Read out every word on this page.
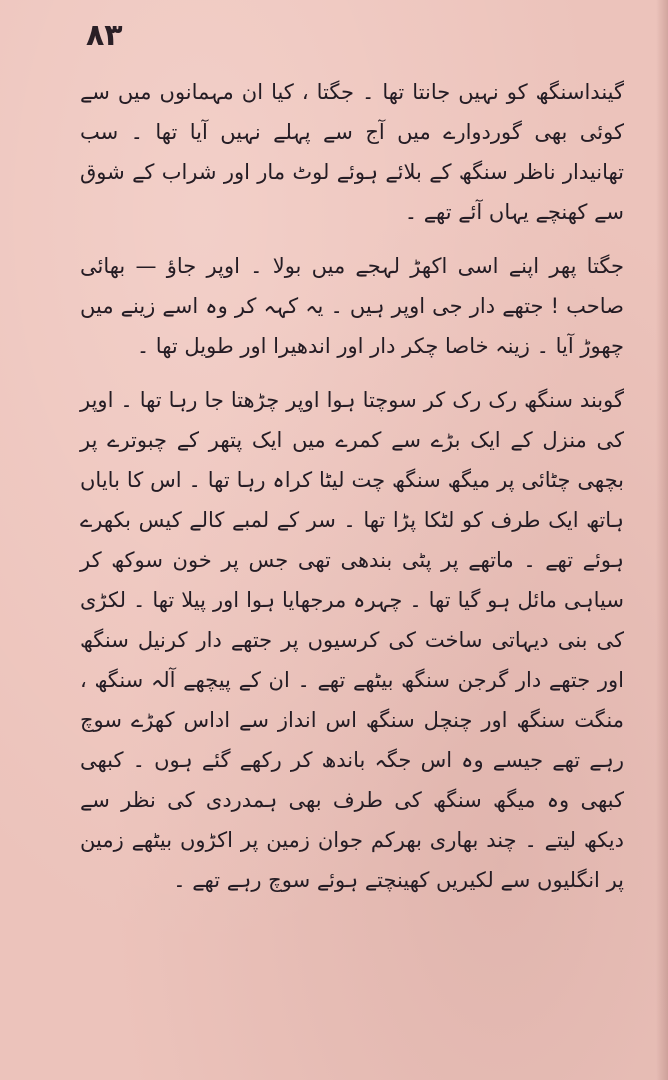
۸۳

گینداسنگھ کو نہیں جانتا تھا ۔ جگتا ، کیا ان مہمانوں میں سے کوئی بھی گوردوارے میں آج سے پہلے نہیں آیا تھا ۔ سب تھانیدار ناظر سنگھ کے بلائے ہوئے لوٹ مار اور شراب کے شوق سے کھنچے یہاں آئے تھے ۔

جگتا پھر اپنے اسی اکھڑ لہجے میں بولا ۔ اوپر جاؤ — بھائی صاحب ! جتھے دار جی اوپر ہیں ۔ یہ کہہ کر وہ اسے زینے میں چھوڑ آیا ۔ زینہ خاصا چکر دار اور اندھیرا اور طویل تھا ۔

گوبند سنگھ رک رک کر سوچتا ہوا اوپر چڑھتا جا رہا تھا ۔ اوپر کی منزل کے ایک بڑے سے کمرے میں ایک پتھر کے چبوترے پر بچھی چٹائی پر میگھ سنگھ چت لیٹا کراہ رہا تھا ۔ اس کا بایاں ہاتھ ایک طرف کو لٹکا پڑا تھا ۔ سر کے لمبے کالے کیس بکھرے ہوئے تھے ۔ ماتھے پر پٹی بندھی تھی جس پر خون سوکھ کر سیاہی مائل ہو گیا تھا ۔ چہرہ مرجھایا ہوا اور پیلا تھا ۔ لکڑی کی بنی دیہاتی ساخت کی کرسیوں پر جتھے دار کرنیل سنگھ اور جتھے دار گرجن سنگھ بیٹھے تھے ۔ ان کے پیچھے آلہ سنگھ ، منگت سنگھ اور چنچل سنگھ اس انداز سے اداس کھڑے سوچ رہے تھے جیسے وہ اس جگہ باندھ کر رکھے گئے ہوں ۔ کبھی کبھی وہ میگھ سنگھ کی طرف بھی ہمدردی کی نظر سے دیکھ لیتے ۔ چند بھاری بھرکم جوان زمین پر اکڑوں بیٹھے زمین پر انگلیوں سے لکیریں کھینچتے ہوئے سوچ رہے تھے ۔
